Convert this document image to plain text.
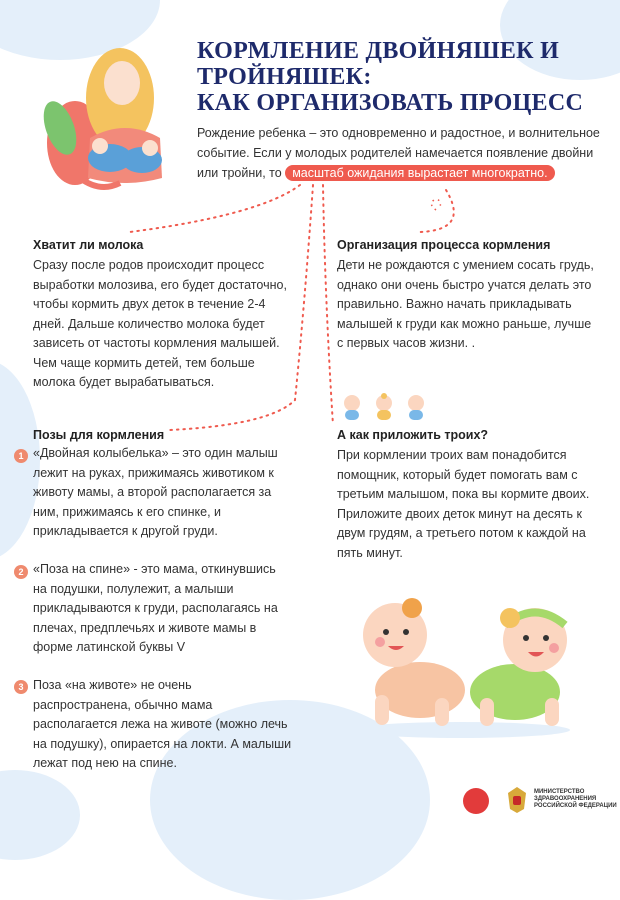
КОРМЛЕНИЕ ДВОЙНЯШЕК И
ТРОЙНЯШЕК:
КАК ОРГАНИЗОВАТЬ ПРОЦЕСС
Рождение ребенка – это одновременно и радостное, и волнительное событие. Если у молодых родителей намечается появление двойни или тройни, то масштаб ожидания вырастает многократно.
Хватит ли молока
Сразу после родов происходит процесс
выработки молозива, его будет достаточно,
чтобы кормить двух деток в течение 2-4
дней. Дальше количество молока будет
зависеть от частоты кормления малышей.
Чем чаще кормить детей, тем больше
молока будет вырабатываться.
Организация процесса кормления
Дети не рождаются с умением сосать грудь,
однако они очень быстро учатся делать это
правильно. Важно начать прикладывать
малышей к груди как можно раньше, лучше
с первых часов жизни. .
Позы для кормления
1 «Двойная колыбелька» – это один малыш
лежит на руках, прижимаясь животиком к
животу мамы, а второй располагается за
ним, прижимаясь к его спинке, и
прикладывается к другой груди.
2 «Поза на спине» - это мама, откинувшись
на подушки, полулежит, а малыши
прикладываются к груди, располагаясь на
плечах, предплечьях и животе мамы в
форме латинской буквы V
3 Поза «на животе» не очень
распространена, обычно мама
располагается лежа на животе (можно лечь
на подушку), опирается на локти. А малыши
лежат под нею на спине.
А как приложить троих?
При кормлении троих вам понадобится
помощник, который будет помогать вам с
третьим малышом, пока вы кормите двоих.
Приложите двоих деток минут на десять к
двум грудям, а третьего потом к каждой на
пять минут.
МИНИСТЕРСТВО
ЗДРАВООХРАНЕНИЯ
РОССИЙСКОЙ ФЕДЕРАЦИИ
